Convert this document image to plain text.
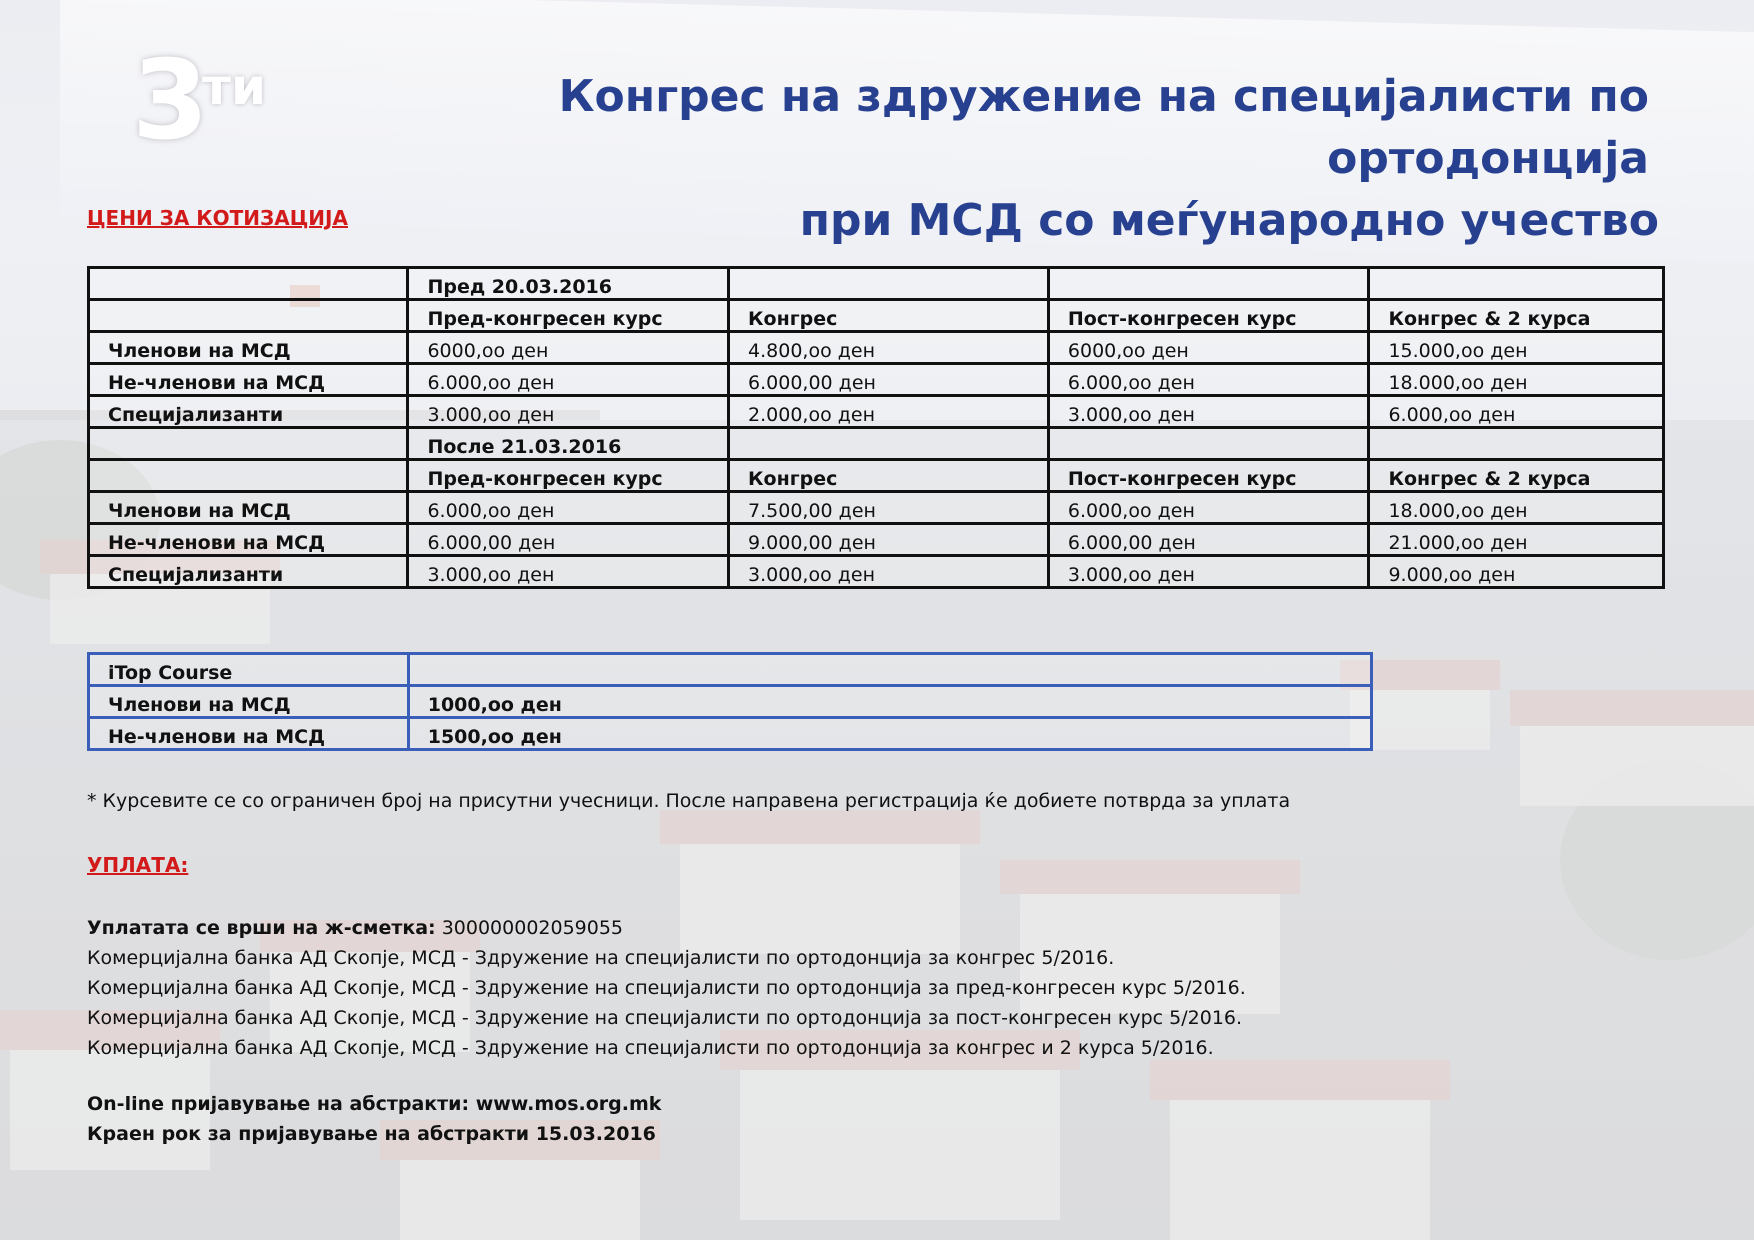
3
ти	Конгрес на здружение на специјалисти по ортодонција
при МСД со меѓународно учество
ЦЕНИ ЗА КОТИЗАЦИЈА
	Пред 20.03.2016			
	Пред-конгресен курс	Конгрес	Пост-конгресен курс	Конгрес & 2 курса
Членови на МСД	6000,оо ден	4.800,оо ден	6000,оо ден	15.000,оо ден
Не-членови на МСД	6.000,оо ден	6.000,00 ден	6.000,оо ден	18.000,оо ден
Специјализанти	3.000,оо ден	2.000,оо ден	3.000,оо ден	6.000,оо ден
	После 21.03.2016			
	Пред-конгресен курс	Конгрес	Пост-конгресен курс	Конгрес & 2 курса
Членови на МСД	6.000,оо ден	7.500,00 ден	6.000,оо ден	18.000,оо ден
Не-членови на МСД	6.000,00 ден	9.000,00 ден	6.000,00 ден	21.000,оо ден
Специјализанти	3.000,оо ден	3.000,оо ден	3.000,оо ден	9.000,оо ден
iTop Course	
Членови на МСД	1000,оо ден
Не-членови на МСД	1500,оо ден
* Курсевите се со ограничен број на присутни учесници. После направена регистрација ќе добиете потврда за уплата
УПЛАТА:
Уплатата се врши на ж-сметка: 300000002059055
Комерцијална банка АД Скопје, МСД - Здружение на специјалисти по ортодонција за конгрес 5/2016.
Комерцијална банка АД Скопје, МСД - Здружение на специјалисти по ортодонција за пред-конгресен курс 5/2016.
Комерцијална банка АД Скопје, МСД - Здружение на специјалисти по ортодонција за пост-конгресен курс 5/2016.
Комерцијална банка АД Скопје, МСД - Здружение на специјалисти по ортодонција за конгрес и 2 курса 5/2016.
On-line пријавување на абстракти: www.mos.org.mk
Краен рок за пријавување на абстракти 15.03.2016
